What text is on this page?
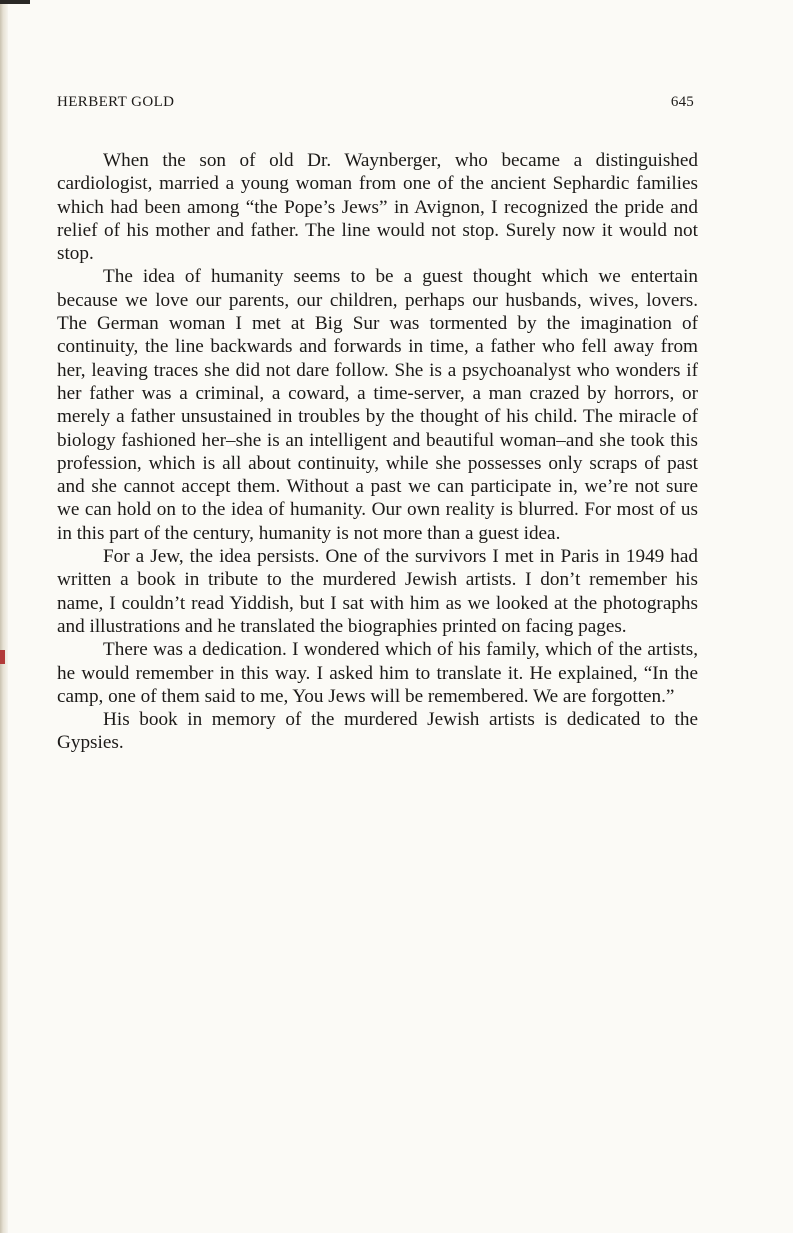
HERBERT GOLD	645

When the son of old Dr. Waynberger, who became a distinguished cardiologist, married a young woman from one of the ancient Sephardic families which had been among “the Pope’s Jews” in Avignon, I recognized the pride and relief of his mother and father. The line would not stop. Surely now it would not stop.

The idea of humanity seems to be a guest thought which we entertain because we love our parents, our children, perhaps our husbands, wives, lovers. The German woman I met at Big Sur was tormented by the imagination of continuity, the line backwards and forwards in time, a father who fell away from her, leaving traces she did not dare follow. She is a psychoanalyst who wonders if her father was a criminal, a coward, a time-server, a man crazed by horrors, or merely a father unsustained in troubles by the thought of his child. The miracle of biology fashioned her–she is an intelligent and beautiful woman–and she took this profession, which is all about continuity, while she possesses only scraps of past and she cannot accept them. Without a past we can participate in, we’re not sure we can hold on to the idea of humanity. Our own reality is blurred. For most of us in this part of the century, humanity is not more than a guest idea.

For a Jew, the idea persists. One of the survivors I met in Paris in 1949 had written a book in tribute to the murdered Jewish artists. I don’t remember his name, I couldn’t read Yiddish, but I sat with him as we looked at the photographs and illustrations and he translated the biographies printed on facing pages.

There was a dedication. I wondered which of his family, which of the artists, he would remember in this way. I asked him to translate it. He explained, “In the camp, one of them said to me, You Jews will be remembered. We are forgotten.”

His book in memory of the murdered Jewish artists is dedicated to the Gypsies.
